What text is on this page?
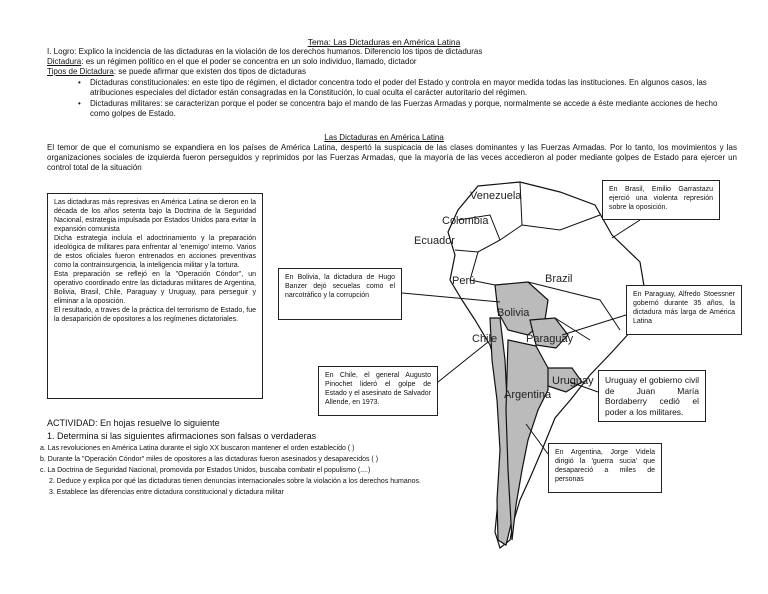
Tema: Las Dictaduras en América Latina
I. Logro: Explico la incidencia de las dictaduras en la violación de los derechos humanos. Diferencio los tipos de dictaduras
Dictadura: es un régimen político en el que el poder se concentra en un solo individuo, llamado, dictador
Tipos de Dictadura: se puede afirmar que existen dos tipos de dictaduras
• Dictaduras constitucionales: en este tipo de régimen, el dictador concentra todo el poder del Estado y controla en mayor medida todas las instituciones. En algunos casos, las atribuciones especiales del dictador están consagradas en la Constitución, lo cual oculta el carácter autoritario del régimen.
• Dictaduras militares: se caracterizan porque el poder se concentra bajo el mando de las Fuerzas Armadas y porque, normalmente se accede a éste mediante acciones de hecho como golpes de Estado.
Las Dictaduras en América Latina
El temor de que el comunismo se expandiera en los países de América Latina, despertó la suspicacia de las clases dominantes y las Fuerzas Armadas. Por lo tanto, los movimientos y las organizaciones sociales de izquierda fueron perseguidos y reprimidos por las Fuerzas Armadas, que la mayoría de las veces accedieron al poder mediante golpes de Estado para ejercer un control total de la situación
Venezuela
Colombia
Ecuador
Perú	Brazil
Bolivia
Chile	Paraguay
Uruguay
Argentina
Las dictaduras más represivas en América Latina se dieron en la década de los años setenta bajo la Doctrina de la Seguridad Nacional, estrategia impulsada por Estados Unidos para evitar la expansión comunista
Dicha estrategia incluía el adoctrinamiento y la preparación ideológica de militares para enfrentar al 'enemigo' interno. Varios de estos oficiales fueron entrenados en acciones preventivas como la contrainsurgencia, la inteligencia militar y la tortura.
Esta preparación se reflejó en la "Operación Cóndor", un operativo coordinado entre las dictaduras militares de Argentina, Bolivia, Brasil, Chile, Paraguay y Uruguay, para perseguir y eliminar a la oposición.
El resultado, a traves de la práctica del terrorismo de Estado, fue la desaparición de opositores a los regímenes dictatoriales.
En Bolivia, la dictadura de Hugo Banzer dejó secuelas como el narcotráfico y la corrupción
En Chile, el general Augusto Pinochet lideró el golpe de Estado y el asesinato de Salvador Allende, en 1973.
En Brasil, Emilio Garrastazu ejerció una violenta represión sobre la oposición.
En Paraguay, Alfredo Stoessner gobernó durante 35 años, la dictadura más larga de América Latina
Uruguay el gobierno civil de Juan María Bordaberry cedió el poder a los militares.
En Argentina, Jorge Videla dirigió la 'guerra sucia' que desapareció a miles de personas
ACTIVIDAD: En hojas resuelve lo siguiente
1. Determina si las siguientes afirmaciones son falsas o verdaderas
a. Las revoluciones en América Latina durante el siglo XX buscaron mantener el orden establecido ( )
b. Durante la "Operación Cóndor" miles de opositores a las dictaduras fueron asesinados y desaparecidos ( )
c. La Doctrina de Seguridad Nacional, promovida por Estados Unidos, buscaba combatir el populismo (....)
2. Deduce y explica por qué las dictaduras tienen denuncias internacionales sobre la violación a los derechos humanos.
3. Establece las diferencias entre dictadura constitucional y dictadura militar
